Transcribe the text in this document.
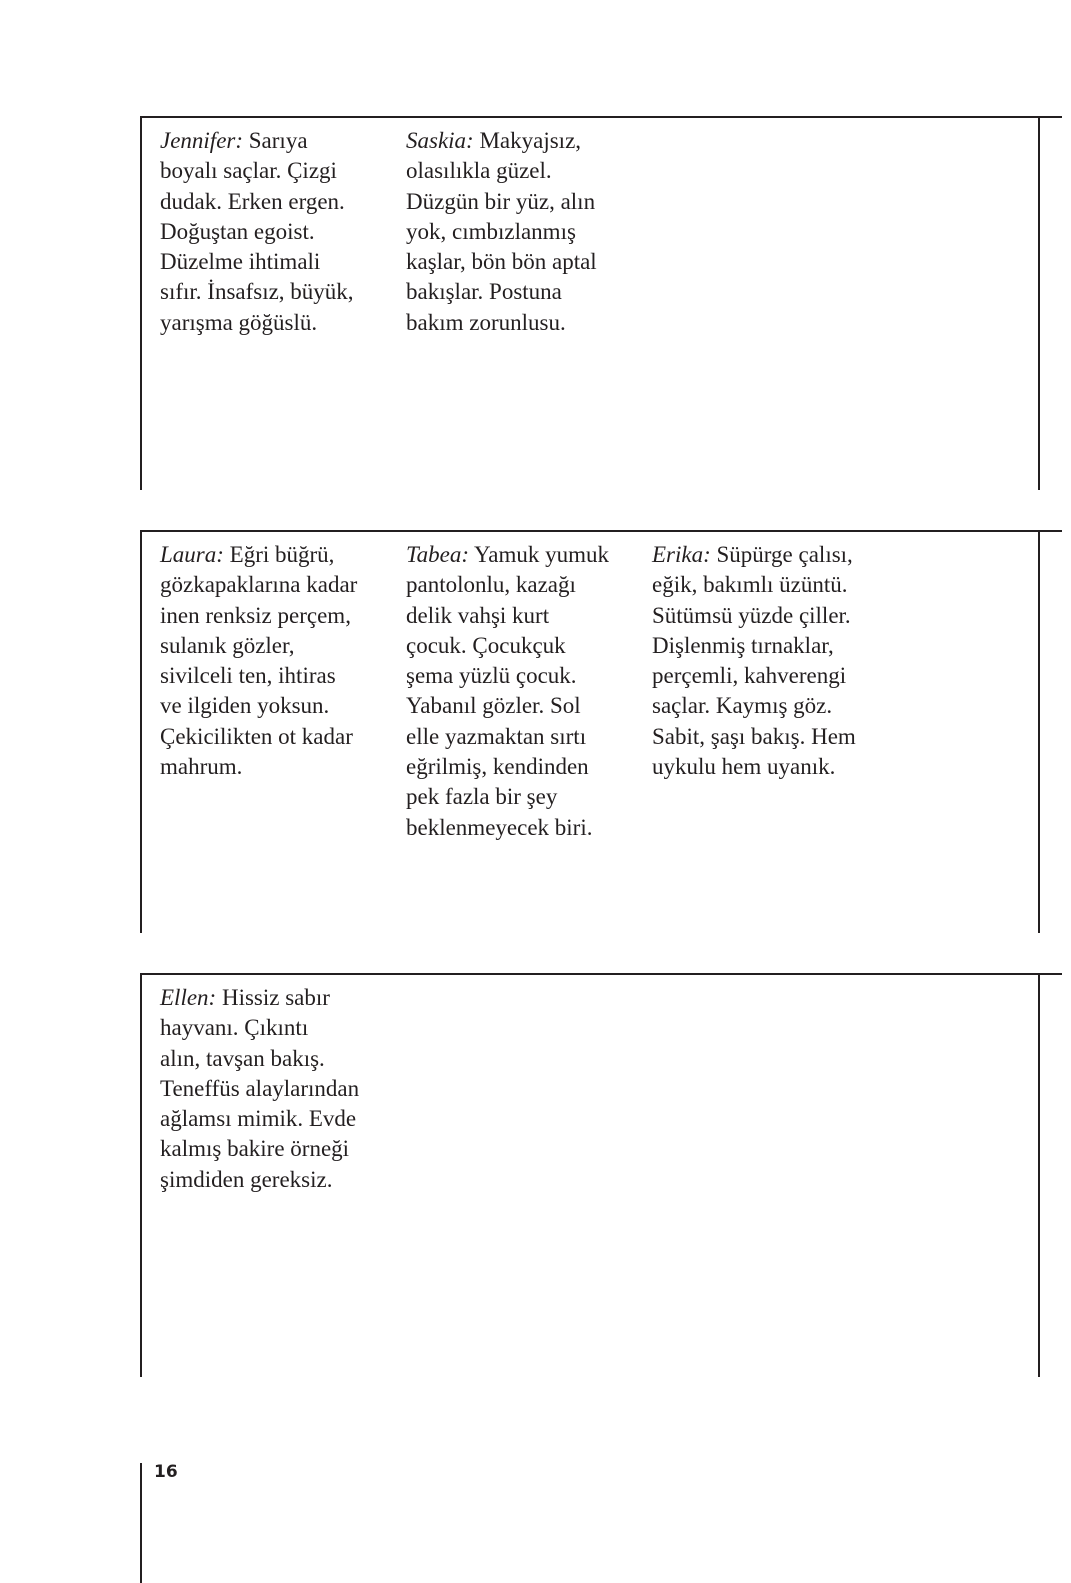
Jennifer: Sarıya
boyalı saçlar. Çizgi
dudak. Erken ergen.
Doğuştan egoist.
Düzelme ihtimali
sıfır. İnsafsız, büyük,
yarışma göğüslü.
Saskia: Makyajsız,
olasılıkla güzel.
Düzgün bir yüz, alın
yok, cımbızlanmış
kaşlar, bön bön aptal
bakışlar. Postuna
bakım zorunlusu.
Laura: Eğri büğrü,
gözkapaklarına kadar
inen renksiz perçem,
sulanık gözler,
sivilceli ten, ihtiras
ve ilgiden yoksun.
Çekicilikten ot kadar
mahrum.
Tabea: Yamuk yumuk
pantolonlu, kazağı
delik vahşi kurt
çocuk. Çocukçuk
şema yüzlü çocuk.
Yabanıl gözler. Sol
elle yazmaktan sırtı
eğrilmiş, kendinden
pek fazla bir şey
beklenmeyecek biri.
Erika: Süpürge çalısı,
eğik, bakımlı üzüntü.
Sütümsü yüzde çiller.
Dişlenmiş tırnaklar,
perçemli, kahverengi
saçlar. Kaymış göz.
Sabit, şaşı bakış. Hem
uykulu hem uyanık.
Ellen: Hissiz sabır
hayvanı. Çıkıntı
alın, tavşan bakış.
Teneffüs alaylarından
ağlamsı mimik. Evde
kalmış bakire örneği
şimdiden gereksiz.
16
